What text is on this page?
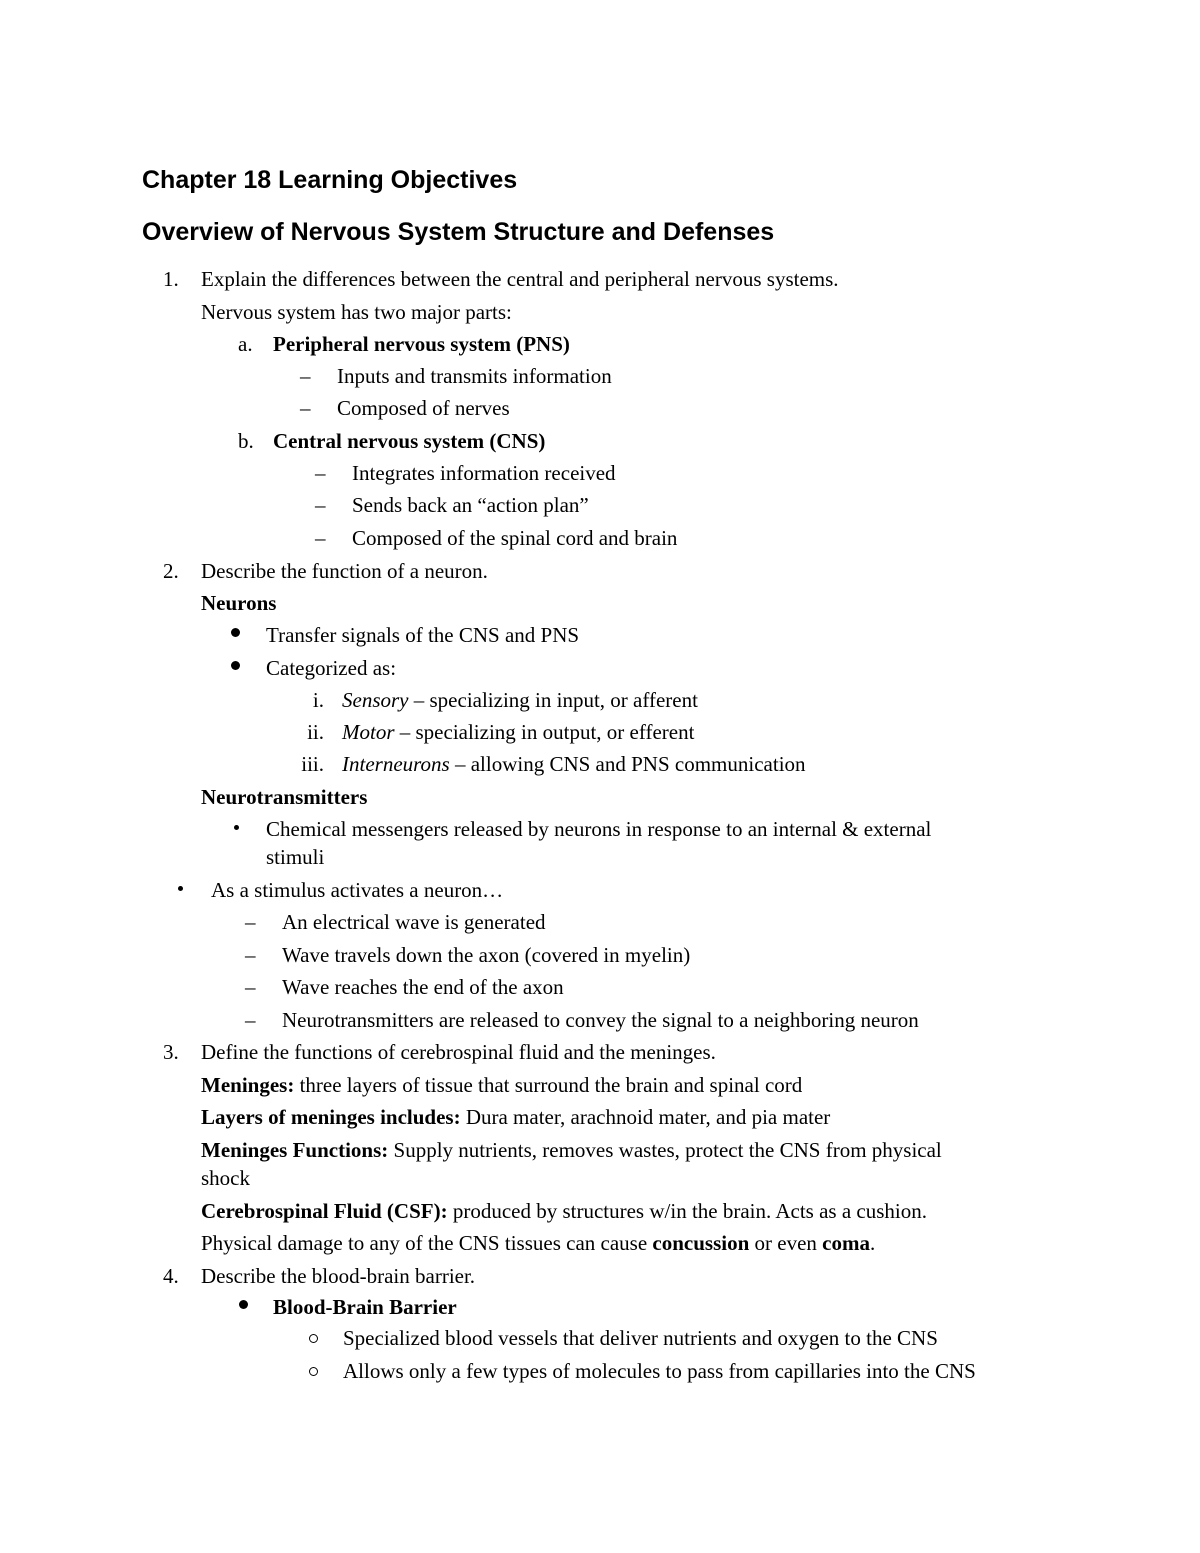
Chapter 18 Learning Objectives
Overview of Nervous System Structure and Defenses
1. Explain the differences between the central and peripheral nervous systems.
Nervous system has two major parts:
a. Peripheral nervous system (PNS)
– Inputs and transmits information
– Composed of nerves
b. Central nervous system (CNS)
– Integrates information received
– Sends back an “action plan”
– Composed of the spinal cord and brain
2. Describe the function of a neuron.
Neurons
Transfer signals of the CNS and PNS
Categorized as:
i. Sensory – specializing in input, or afferent
ii. Motor – specializing in output, or efferent
iii. Interneurons – allowing CNS and PNS communication
Neurotransmitters
Chemical messengers released by neurons in response to an internal & external
stimuli
As a stimulus activates a neuron…
– An electrical wave is generated
– Wave travels down the axon (covered in myelin)
– Wave reaches the end of the axon
– Neurotransmitters are released to convey the signal to a neighboring neuron
3. Define the functions of cerebrospinal fluid and the meninges.
Meninges: three layers of tissue that surround the brain and spinal cord
Layers of meninges includes: Dura mater, arachnoid mater, and pia mater
Meninges Functions: Supply nutrients, removes wastes, protect the CNS from physical
shock
Cerebrospinal Fluid (CSF): produced by structures w/in the brain. Acts as a cushion.
Physical damage to any of the CNS tissues can cause concussion or even coma.
4. Describe the blood-brain barrier.
Blood-Brain Barrier
Specialized blood vessels that deliver nutrients and oxygen to the CNS
Allows only a few types of molecules to pass from capillaries into the CNS
